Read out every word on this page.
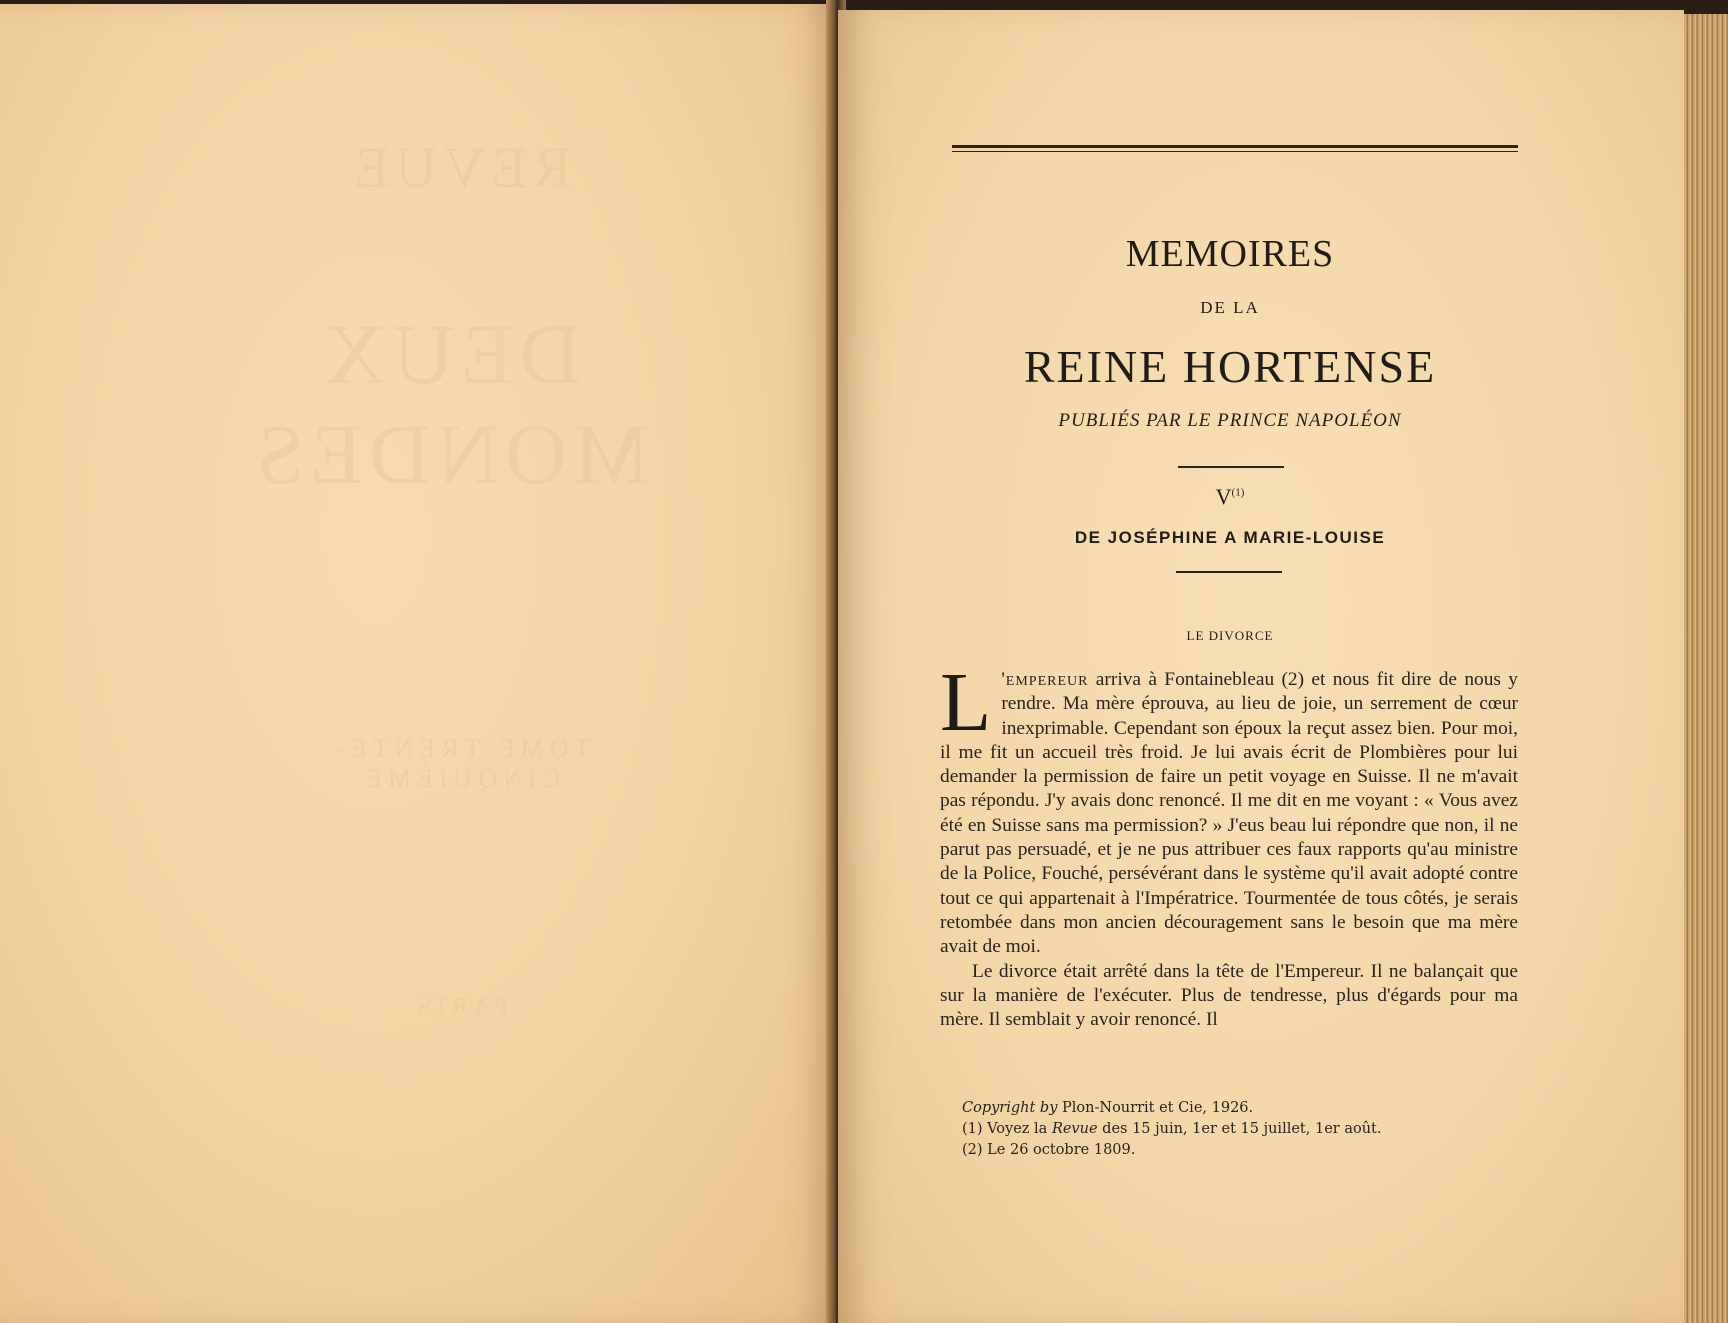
REVUE
DEUX MONDES
TOME TRENTE-CINQUIÈME
PARIS
MEMOIRES
DE LA
REINE HORTENSE
PUBLIÉS PAR LE PRINCE NAPOLÉON
$V^{(1)}$
DE JOSÉPHINE A MARIE-LOUISE
LE DIVORCE

L 'empereur arriva à Fontainebleau (2) et nous fit dire de nous y rendre. Ma mère éprouva, au lieu de joie, un serrement de cœur inexprimable. Cependant son époux la reçut assez bien. Pour moi, il me fit un accueil très froid. Je lui avais écrit de Plombières pour lui demander la permission de faire un petit voyage en Suisse. Il ne m'avait pas répondu. J'y avais donc renoncé. Il me dit en me voyant : « Vous avez été en Suisse sans ma permission? » J'eus beau lui répondre que non, il ne parut pas persuadé, et je ne pus attribuer ces faux rapports qu'au ministre de la Police, Fouché, persévérant dans le système qu'il avait adopté contre tout ce qui appartenait à l'Impératrice. Tourmentée de tous côtés, je serais retombée dans mon ancien découragement sans le besoin que ma mère avait de moi.

Le divorce était arrêté dans la tête de l'Empereur. Il ne balançait que sur la manière de l'exécuter. Plus de tendresse, plus d'égards pour ma mère. Il semblait y avoir renoncé. Il

Copyright by Plon-Nourrit et Cie, 1926.
(1) Voyez la Revue des 15 juin, 1er et 15 juillet, 1er août.
(2) Le 26 octobre 1809.
